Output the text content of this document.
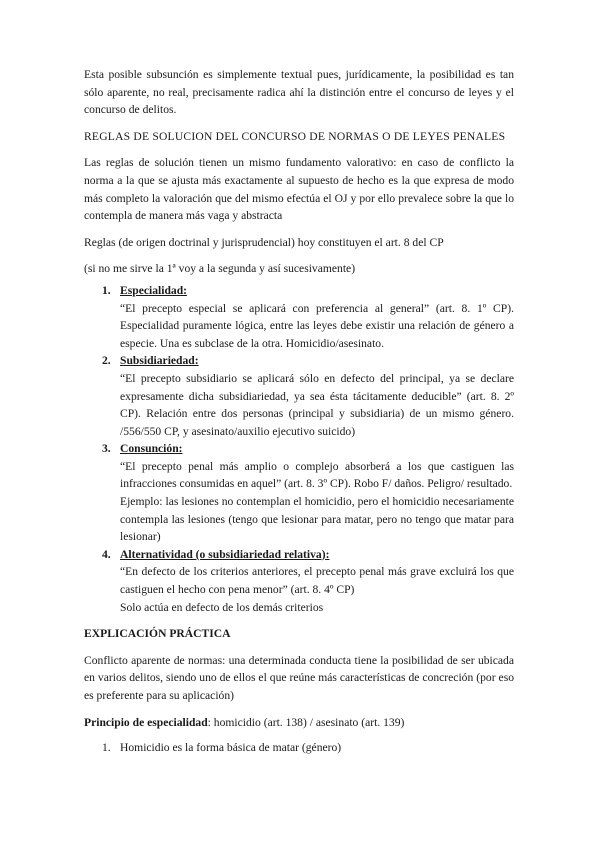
Esta posible subsunción es simplemente textual pues, jurídicamente, la posibilidad es tan sólo aparente, no real, precisamente radica ahí la distinción entre el concurso de leyes y el concurso de delitos.

REGLAS DE SOLUCION DEL CONCURSO DE NORMAS O DE LEYES PENALES

Las reglas de solución tienen un mismo fundamento valorativo: en caso de conflicto la norma a la que se ajusta más exactamente al supuesto de hecho es la que expresa de modo más completo la valoración que del mismo efectúa el OJ y por ello prevalece sobre la que lo contempla de manera más vaga y abstracta

Reglas (de origen doctrinal y jurisprudencial) hoy constituyen el art. 8 del CP

(si no me sirve la 1ª voy a la segunda y así sucesivamente)

1. Especialidad:

“El precepto especial se aplicará con preferencia al general” (art. 8. 1º CP). Especialidad puramente lógica, entre las leyes debe existir una relación de género a especie. Una es subclase de la otra. Homicidio/asesinato.

2. Subsidiariedad:

“El precepto subsidiario se aplicará sólo en defecto del principal, ya se declare expresamente dicha subsidiariedad, ya sea ésta tácitamente deducible” (art. 8. 2º CP). Relación entre dos personas (principal y subsidiaria) de un mismo género. /556/550 CP, y asesinato/auxilio ejecutivo suicido)

3. Consunción:

“El precepto penal más amplio o complejo absorberá a los que castiguen las infracciones consumidas en aquel” (art. 8. 3º CP). Robo F/ daños. Peligro/ resultado.

Ejemplo: las lesiones no contemplan el homicidio, pero el homicidio necesariamente contempla las lesiones (tengo que lesionar para matar, pero no tengo que matar para lesionar)

4. Alternatividad (o subsidiariedad relativa):

“En defecto de los criterios anteriores, el precepto penal más grave excluirá los que castiguen el hecho con pena menor” (art. 8. 4º CP)

Solo actúa en defecto de los demás criterios

EXPLICACIÓN PRÁCTICA

Conflicto aparente de normas: una determinada conducta tiene la posibilidad de ser ubicada en varios delitos, siendo uno de ellos el que reúne más características de concreción (por eso es preferente para su aplicación)

Principio de especialidad: homicidio (art. 138) / asesinato (art. 139)

1. Homicidio es la forma básica de matar (género)
